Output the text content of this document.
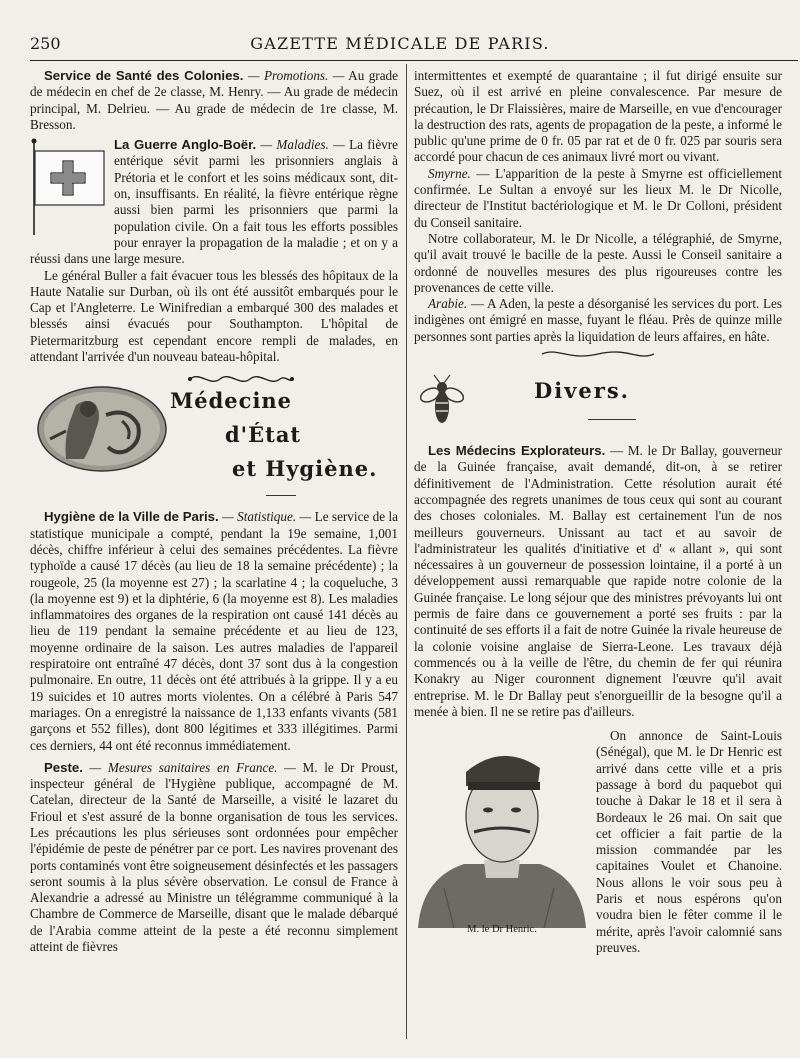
250	GAZETTE MÉDICALE DE PARIS.

Service de Santé des Colonies. — Promotions. — Au grade de médecin en chef de 2e classe, M. Henry. — Au grade de médecin principal, M. Delrieu. — Au grade de médecin de 1re classe, M. Bresson.

La Guerre Anglo-Boër. — Maladies. — La fièvre entérique sévit parmi les prisonniers anglais à Prétoria et le confort et les soins médicaux sont, dit-on, insuffisants. En réalité, la fièvre entérique règne aussi bien parmi les prisonniers que parmi la population civile. On a fait tous les efforts possibles pour enrayer la propagation de la maladie ; et on y a réussi dans une large mesure.

Le général Buller a fait évacuer tous les blessés des hôpitaux de la Haute Natalie sur Durban, où ils ont été aussitôt embarqués pour le Cap et l'Angleterre. Le Winifredian a embarqué 300 des malades et blessés ainsi évacués pour Southampton. L'hôpital de Pietermaritzburg est cependant encore rempli de malades, en attendant l'arrivée d'un nouveau bateau-hôpital.

Médecine
d'État
et Hygiène.

Hygiène de la Ville de Paris. — Statistique. — Le service de la statistique municipale a compté, pendant la 19e semaine, 1,001 décès, chiffre inférieur à celui des semaines précédentes. La fièvre typhoïde a causé 17 décès (au lieu de 18 la semaine précédente) ; la rougeole, 25 (la moyenne est 27) ; la scarlatine 4 ; la coqueluche, 3 (la moyenne est 9) et la diphtérie, 6 (la moyenne est 8). Les maladies inflammatoires des organes de la respiration ont causé 141 décès au lieu de 119 pendant la semaine précédente et au lieu de 123, moyenne ordinaire de la saison. Les autres maladies de l'appareil respiratoire ont entraîné 47 décès, dont 37 sont dus à la congestion pulmonaire. En outre, 11 décès ont été attribués à la grippe. Il y a eu 19 suicides et 10 autres morts violentes. On a célébré à Paris 547 mariages. On a enregistré la naissance de 1,133 enfants vivants (581 garçons et 552 filles), dont 800 légitimes et 333 illégitimes. Parmi ces derniers, 44 ont été reconnus immédiatement.

Peste. — Mesures sanitaires en France. — M. le Dr Proust, inspecteur général de l'Hygiène publique, accompagné de M. Catelan, directeur de la Santé de Marseille, a visité le lazaret du Frioul et s'est assuré de la bonne organisation de tous les services. Les précautions les plus sérieuses sont ordonnées pour empêcher l'épidémie de peste de pénétrer par ce port. Les navires provenant des ports contaminés vont être soigneusement désinfectés et les passagers seront soumis à la plus sévère observation. Le consul de France à Alexandrie a adressé au Ministre un télégramme communiqué à la Chambre de Commerce de Marseille, disant que le malade débarqué de l'Arabia comme atteint de la peste a été reconnu simplement atteint de fièvres

intermittentes et exempté de quarantaine ; il fut dirigé ensuite sur Suez, où il est arrivé en pleine convalescence. Par mesure de précaution, le Dr Flaissières, maire de Marseille, en vue d'encourager la destruction des rats, agents de propagation de la peste, a informé le public qu'une prime de 0 fr. 05 par rat et de 0 fr. 025 par souris sera accordé pour chacun de ces animaux livré mort ou vivant.

Smyrne. — L'apparition de la peste à Smyrne est officiellement confirmée. Le Sultan a envoyé sur les lieux M. le Dr Nicolle, directeur de l'Institut bactériologique et M. le Dr Colloni, président du Conseil sanitaire.

Notre collaborateur, M. le Dr Nicolle, a télégraphié, de Smyrne, qu'il avait trouvé le bacille de la peste. Aussi le Conseil sanitaire a ordonné de nouvelles mesures des plus rigoureuses contre les provenances de cette ville.

Arabie. — A Aden, la peste a désorganisé les services du port. Les indigènes ont émigré en masse, fuyant le fléau. Près de quinze mille personnes sont parties après la liquidation de leurs affaires, en hâte.

Divers.

Les Médecins Explorateurs. — M. le Dr Ballay, gouverneur de la Guinée française, avait demandé, dit-on, à se retirer définitivement de l'Administration. Cette résolution aurait été accompagnée des regrets unanimes de tous ceux qui sont au courant des choses coloniales. M. Ballay est certainement l'un de nos meilleurs gouverneurs. Unissant au tact et au savoir de l'administrateur les qualités d'initiative et d' « allant », qui sont nécessaires à un gouverneur de possession lointaine, il a porté à un développement aussi remarquable que rapide notre colonie de la Guinée française. Le long séjour que des ministres prévoyants lui ont permis de faire dans ce gouvernement a porté ses fruits : par la continuité de ses efforts il a fait de notre Guinée la rivale heureuse de la colonie voisine anglaise de Sierra-Leone. Les travaux déjà commencés ou à la veille de l'être, du chemin de fer qui réunira Konakry au Niger couronnent dignement l'œuvre qu'il avait entreprise. M. le Dr Ballay peut s'enorgueillir de la besogne qu'il a menée à bien. Il ne se retire pas d'ailleurs.

M. le Dr Henric.

On annonce de Saint-Louis (Sénégal), que M. le Dr Henric est arrivé dans cette ville et a pris passage à bord du paquebot qui touche à Dakar le 18 et il sera à Bordeaux le 26 mai. On sait que cet officier a fait partie de la mission commandée par les capitaines Voulet et Chanoine. Nous allons le voir sous peu à Paris et nous espérons qu'on voudra bien le fêter comme il le mérite, après l'avoir calomnié sans preuves.
